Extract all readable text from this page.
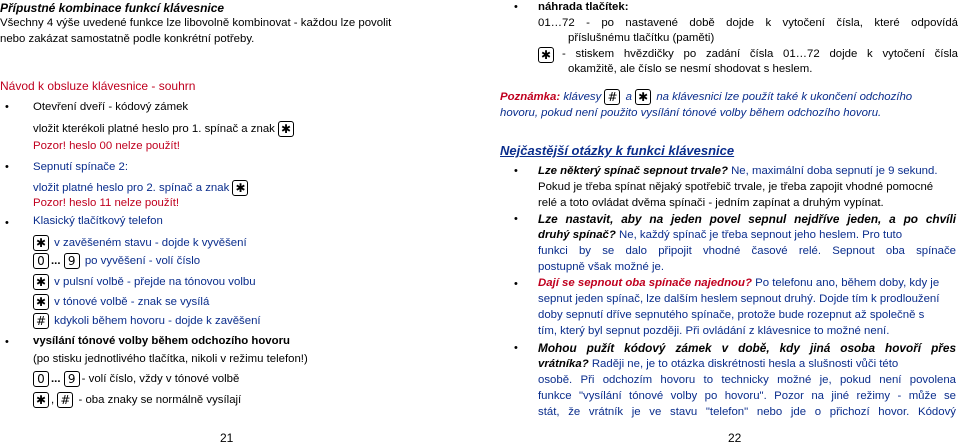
Přípustné kombinace funkcí klávesnice
Všechny 4 výše uvedené funkce lze libovolně kombinovat - každou lze povolit
nebo zakázat samostatně podle konkrétní potřeby.
Návod k obsluze klávesnice - souhrn
• Otevření dveří - kódový zámek
vložit kterékoli platné heslo pro 1. spínač a znak ✱
Pozor! heslo 00 nelze použít!
• Sepnutí spínače 2:
vložit platné heslo pro 2. spínač a znak ✱
Pozor! heslo 11 nelze použít!
• Klasický tlačítkový telefon
✱ v zavěšeném stavu - dojde k vyvěšení
0 ... 9 po vyvěšení - volí číslo
✱ v pulsní volbě - přejde na tónovou volbu
✱ v tónové volbě - znak se vysílá
# kdykoli během hovoru - dojde k zavěšení
• vysílání tónové volby během odchozího hovoru
(po stisku jednotlivého tlačítka, nikoli v režimu telefon!)
0 ... 9 - volí číslo, vždy v tónové volbě
✱ , # - oba znaky se normálně vysílají
21
• náhrada tlačítek:
01…72 - po nastavené době dojde k vytočení čísla, které odpovídá
příslušnému tlačítku (paměti)
✱ - stiskem hvězdičky po zadání čísla 01…72 dojde k vytočení čísla
okamžitě, ale číslo se nesmí shodovat s heslem.
Poznámka: klávesy # a ✱ na klávesnici lze použít také k ukončení odchozího
hovoru, pokud není použito vysílání tónové volby během odchozího hovoru.
Nejčastější otázky k funkci klávesnice
• Lze některý spínač sepnout trvale? Ne, maximální doba sepnutí je 9 sekund.
Pokud je třeba spínat nějaký spotřebič trvale, je třeba zapojit vhodné pomocné
relé a toto ovládat dvěma spínači - jedním zapínat a druhým vypínat.
• Lze nastavit, aby na jeden povel sepnul nejdříve jeden, a po chvíli
druhý spínač? Ne, každý spínač je třeba sepnout jeho heslem. Pro tuto
funkci by se dalo připojit vhodné časové relé. Sepnout oba spínače
postupně však možné je.
• Dají se sepnout oba spínače najednou? Po telefonu ano, během doby, kdy je
sepnut jeden spínač, lze dalším heslem sepnout druhý. Dojde tím k prodloužení
doby sepnutí dříve sepnutého spínače, protože bude rozepnut až společně s
tím, který byl sepnut později. Při ovládání z klávesnice to možné není.
• Mohou pužít kódový zámek v době, kdy jiná osoba hovoří přes
vrátníka? Raději ne, je to otázka diskrétnosti hesla a slušnosti vůči této
osobě. Při odchozím hovoru to technicky možné je, pokud není povolena
funkce "vysílání tónové volby po hovoru". Pozor na jiné režimy - může se
stát, že vrátník je ve stavu "telefon" nebo jde o přichozí hovor. Kódový
22
